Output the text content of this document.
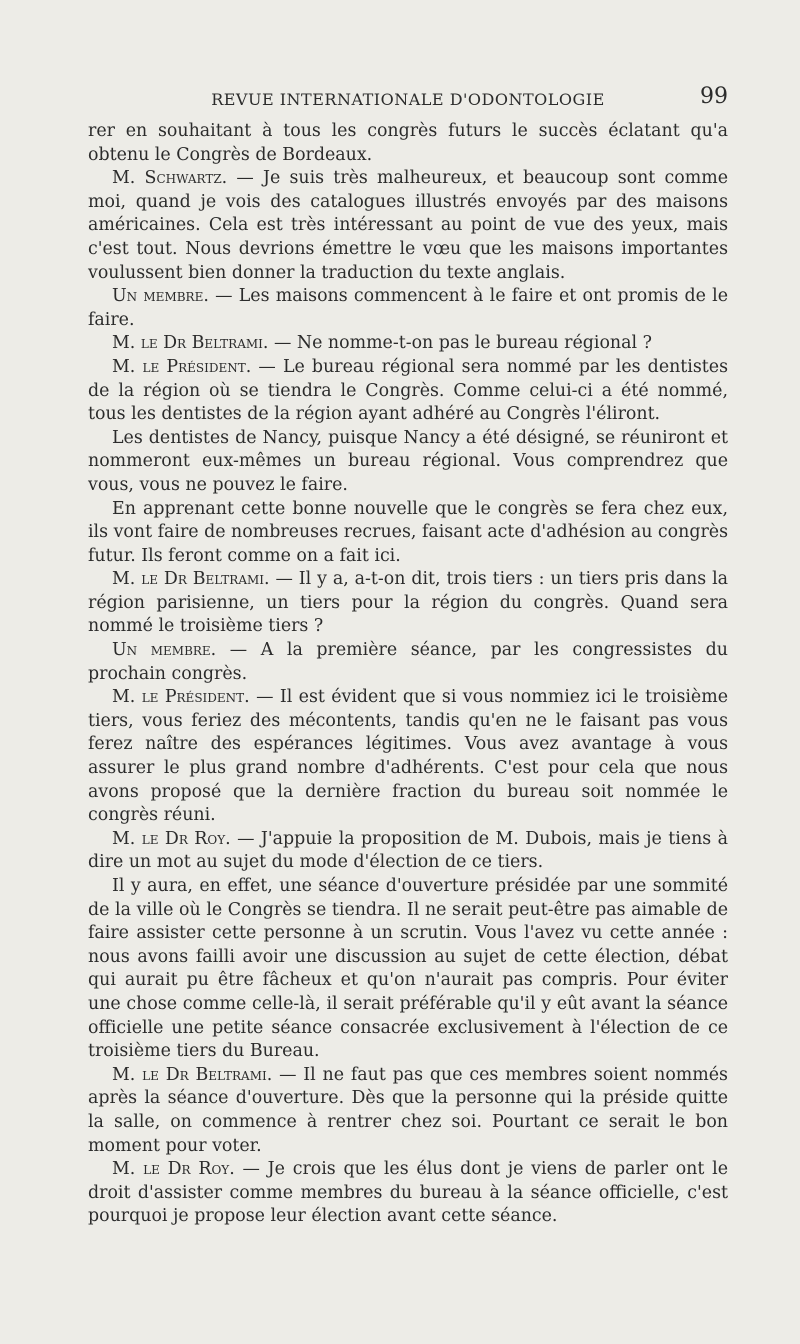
REVUE INTERNATIONALE D'ODONTOLOGIE	99

rer en souhaitant à tous les congrès futurs le succès éclatant qu'a obtenu le Congrès de Bordeaux.

M. Schwartz. — Je suis très malheureux, et beaucoup sont comme moi, quand je vois des catalogues illustrés envoyés par des maisons américaines. Cela est très intéressant au point de vue des yeux, mais c'est tout. Nous devrions émettre le vœu que les maisons importantes voulussent bien donner la traduction du texte anglais.

Un membre. — Les maisons commencent à le faire et ont promis de le faire.

M. le Dr Beltrami. — Ne nomme-t-on pas le bureau régional ?

M. le Président. — Le bureau régional sera nommé par les dentistes de la région où se tiendra le Congrès. Comme celui-ci a été nommé, tous les dentistes de la région ayant adhéré au Congrès l'éliront.

Les dentistes de Nancy, puisque Nancy a été désigné, se réuniront et nommeront eux-mêmes un bureau régional. Vous comprendrez que vous, vous ne pouvez le faire.

En apprenant cette bonne nouvelle que le congrès se fera chez eux, ils vont faire de nombreuses recrues, faisant acte d'adhésion au congrès futur. Ils feront comme on a fait ici.

M. le Dr Beltrami. — Il y a, a-t-on dit, trois tiers : un tiers pris dans la région parisienne, un tiers pour la région du congrès. Quand sera nommé le troisième tiers ?

Un membre. — A la première séance, par les congressistes du prochain congrès.

M. le Président. — Il est évident que si vous nommiez ici le troisième tiers, vous feriez des mécontents, tandis qu'en ne le faisant pas vous ferez naître des espérances légitimes. Vous avez avantage à vous assurer le plus grand nombre d'adhérents. C'est pour cela que nous avons proposé que la dernière fraction du bureau soit nommée le congrès réuni.

M. le Dr Roy. — J'appuie la proposition de M. Dubois, mais je tiens à dire un mot au sujet du mode d'élection de ce tiers.

Il y aura, en effet, une séance d'ouverture présidée par une sommité de la ville où le Congrès se tiendra. Il ne serait peut-être pas aimable de faire assister cette personne à un scrutin. Vous l'avez vu cette année : nous avons failli avoir une discussion au sujet de cette élection, débat qui aurait pu être fâcheux et qu'on n'aurait pas compris. Pour éviter une chose comme celle-là, il serait préférable qu'il y eût avant la séance officielle une petite séance consacrée exclusivement à l'élection de ce troisième tiers du Bureau.

M. le Dr Beltrami. — Il ne faut pas que ces membres soient nommés après la séance d'ouverture. Dès que la personne qui la préside quitte la salle, on commence à rentrer chez soi. Pourtant ce serait le bon moment pour voter.

M. le Dr Roy. — Je crois que les élus dont je viens de parler ont le droit d'assister comme membres du bureau à la séance officielle, c'est pourquoi je propose leur élection avant cette séance.
